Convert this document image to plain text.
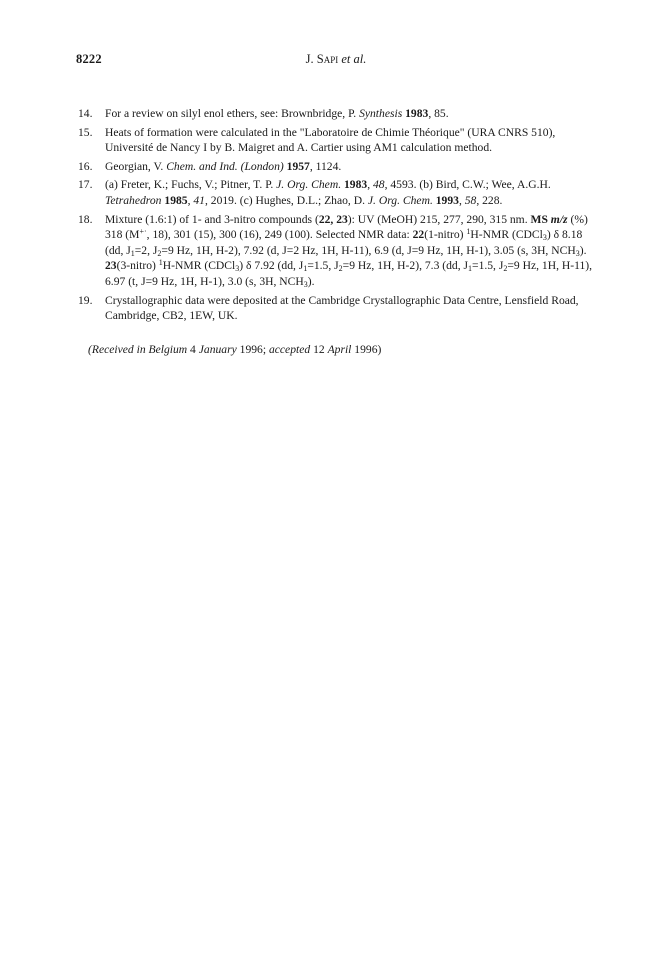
8222	J. Sapi et al.
14.	For a review on silyl enol ethers, see: Brownbridge, P. Synthesis 1983, 85.
15.	Heats of formation were calculated in the "Laboratoire de Chimie Théorique" (URA CNRS 510), Université de Nancy I by B. Maigret and A. Cartier using AM1 calculation method.
16.	Georgian, V. Chem. and Ind. (London) 1957, 1124.
17.	(a) Freter, K.; Fuchs, V.; Pitner, T. P. J. Org. Chem. 1983, 48, 4593. (b) Bird, C.W.; Wee, A.G.H. Tetrahedron 1985, 41, 2019. (c) Hughes, D.L.; Zhao, D. J. Org. Chem. 1993, 58, 228.
18.	Mixture (1.6:1) of 1- and 3-nitro compounds (22, 23): UV (MeOH) 215, 277, 290, 315 nm. MS m/z (%) 318 (M+·, 18), 301 (15), 300 (16), 249 (100). Selected NMR data: 22(1-nitro) $^1$H-NMR (CDCl$_3$) δ 8.18 (dd, $J_1=2$, $J_2=9$ Hz, 1H, H-2), 7.92 (d, J=2 Hz, 1H, H-11), 6.9 (d, J=9 Hz, 1H, H-1), 3.05 (s, 3H, $NCH_3$). 23(3-nitro) $^1$H-NMR (CDCl$_3$) δ 7.92 (dd, $J_1=1.5$, $J_2=9$ Hz, 1H, H-2), 7.3 (dd, $J_1=1.5$, $J_2=9$ Hz, 1H, H-11), 6.97 (t, J=9 Hz, 1H, H-1), 3.0 (s, 3H, $NCH_3$).
19.	Crystallographic data were deposited at the Cambridge Crystallographic Data Centre, Lensfield Road, Cambridge, CB2, 1EW, UK.
(Received in Belgium 4 January 1996; accepted 12 April 1996)
